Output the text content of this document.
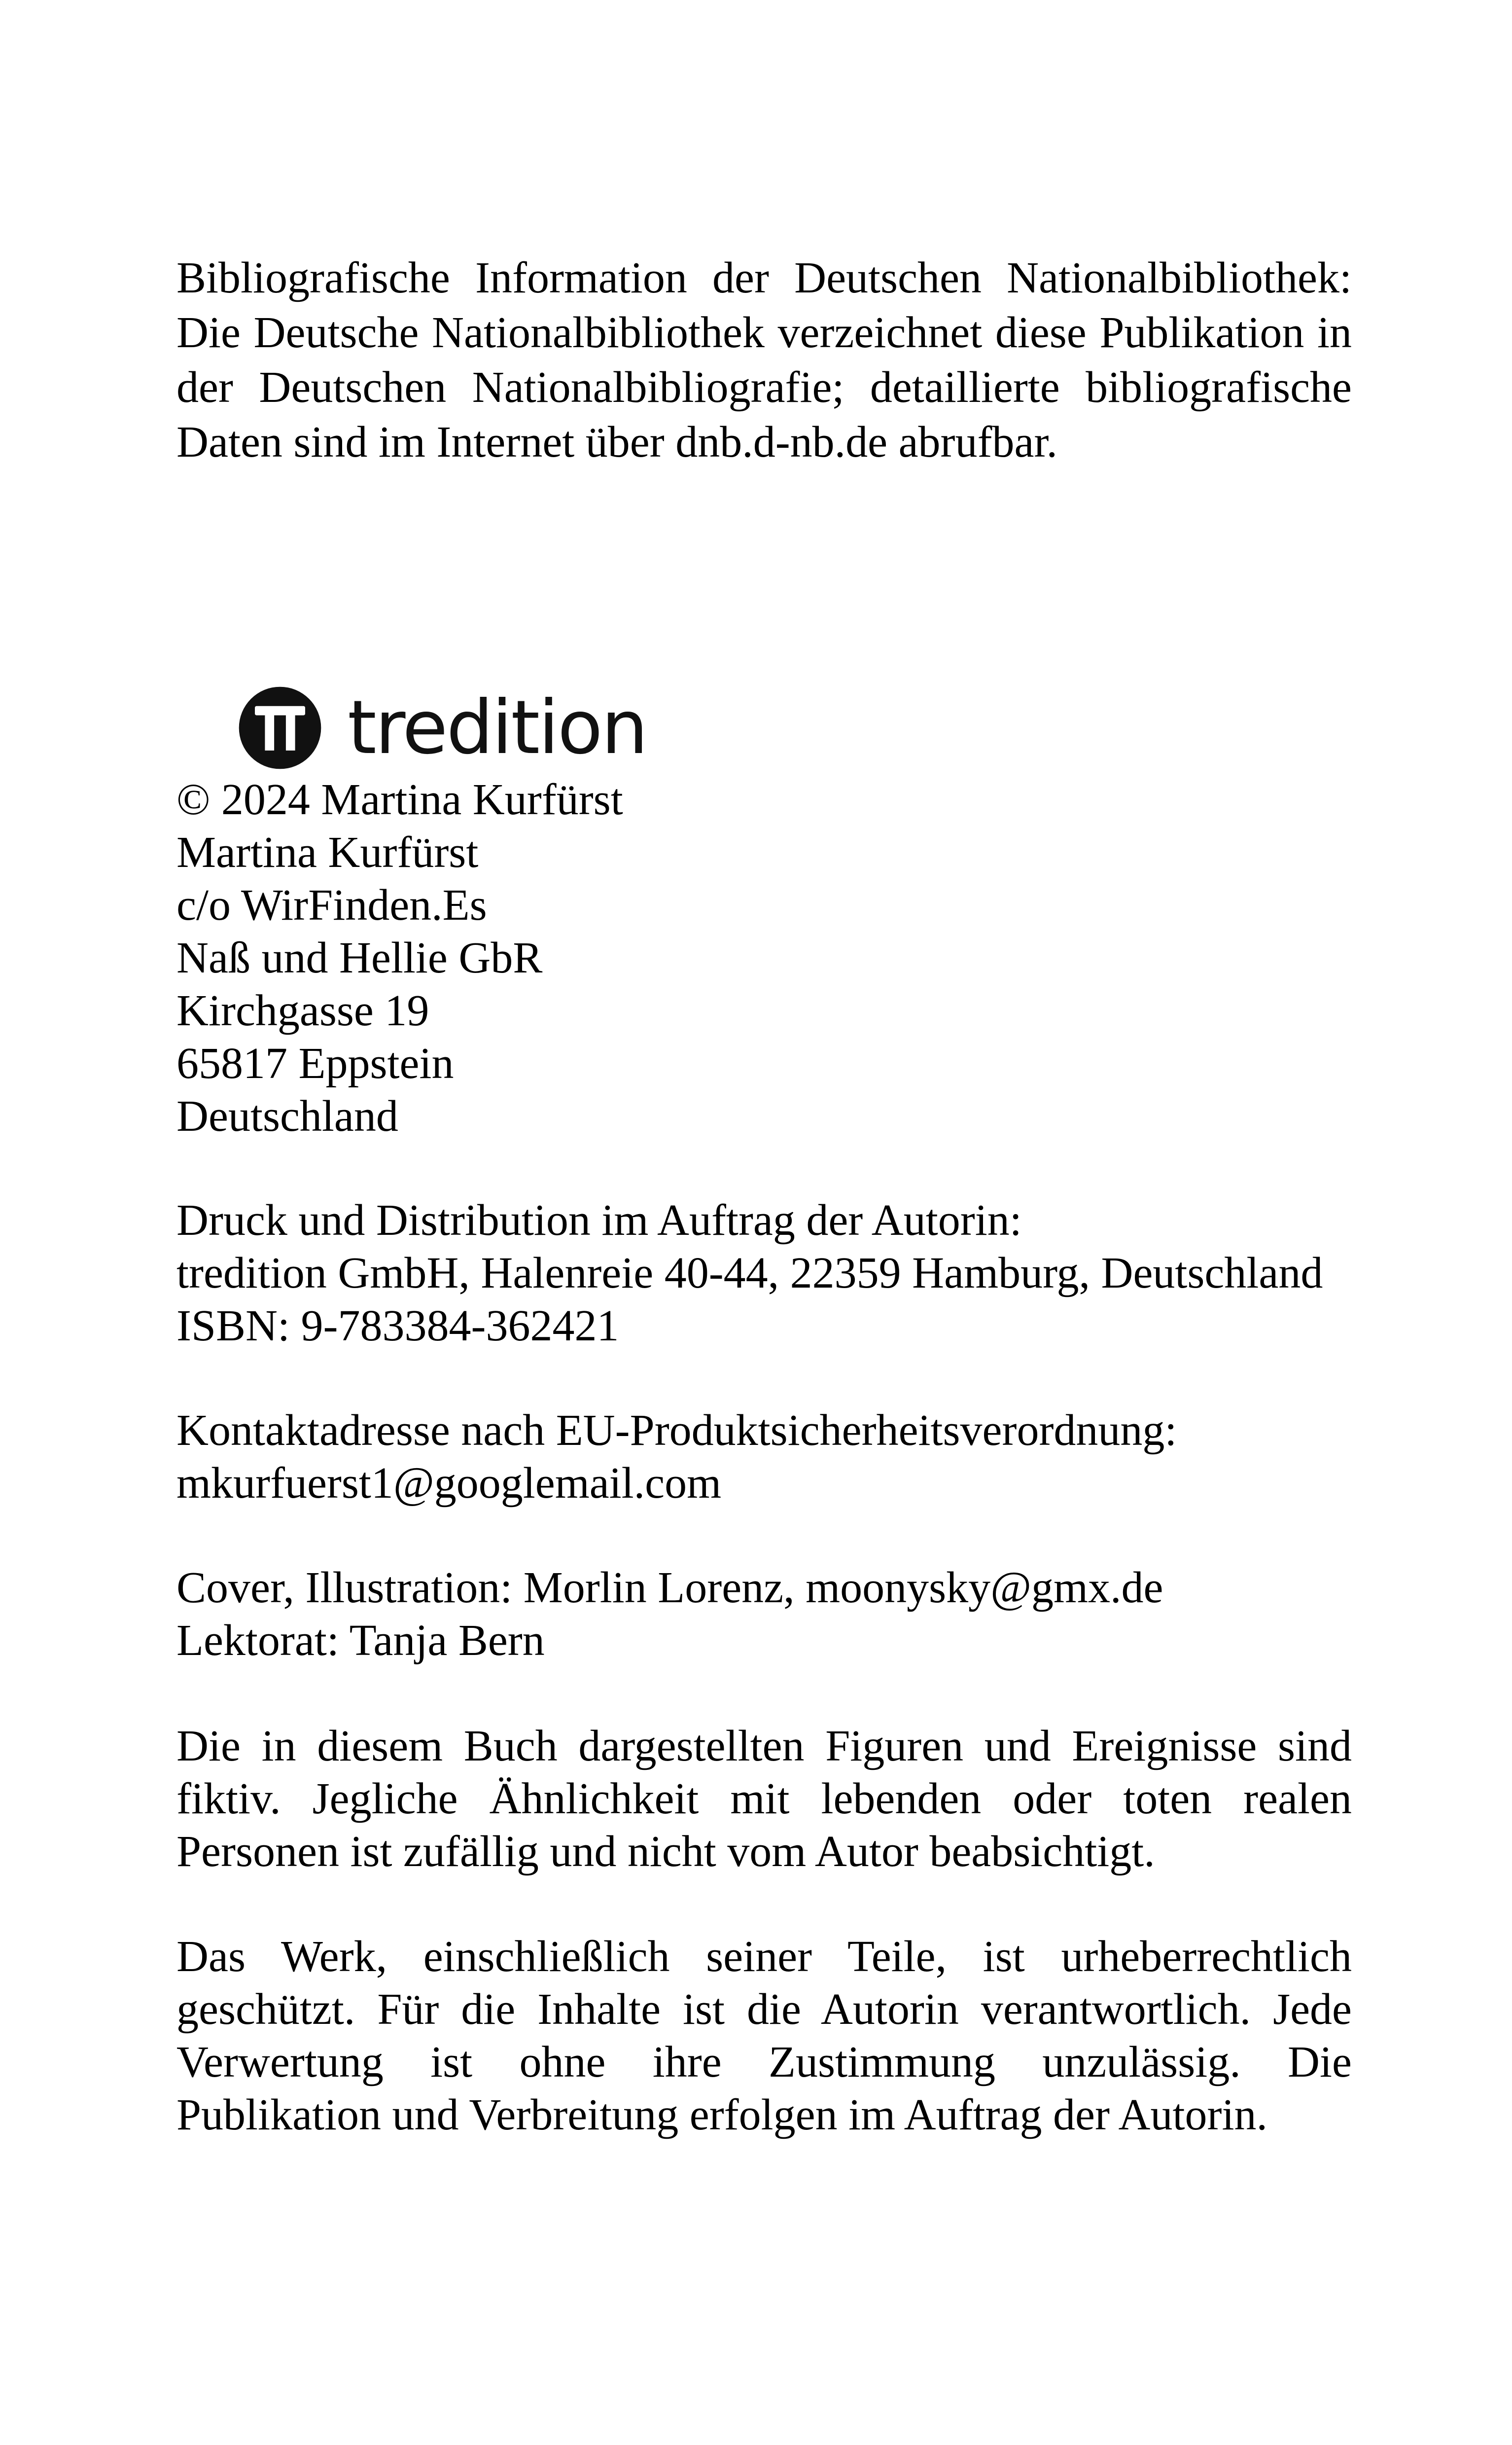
Bibliografische Information der Deutschen Nationalbibliothek: Die Deutsche Nationalbibliothek verzeichnet diese Publikation in der Deutschen Nationalbibliografie; detaillierte bibliografische Daten sind im Internet über dnb.d-nb.de abrufbar.

tredition
© 2024 Martina Kurfürst
Martina Kurfürst
c/o WirFinden.Es
Naß und Hellie GbR
Kirchgasse 19
65817 Eppstein
Deutschland
Druck und Distribution im Auftrag der Autorin:
tredition GmbH, Halenreie 40-44, 22359 Hamburg, Deutschland
ISBN: 9-783384-362421
Kontaktadresse nach EU-Produktsicherheitsverordnung:
mkurfuerst1@googlemail.com
Cover, Illustration: Morlin Lorenz, moonysky@gmx.de
Lektorat: Tanja Bern

Die in diesem Buch dargestellten Figuren und Ereignisse sind fiktiv. Jegliche Ähnlichkeit mit lebenden oder toten realen Personen ist zufällig und nicht vom Autor beabsichtigt.

Das Werk, einschließlich seiner Teile, ist urheberrechtlich geschützt. Für die Inhalte ist die Autorin verantwortlich. Jede Verwertung ist ohne ihre Zustimmung unzulässig. Die Publikation und Verbreitung erfolgen im Auftrag der Autorin.
